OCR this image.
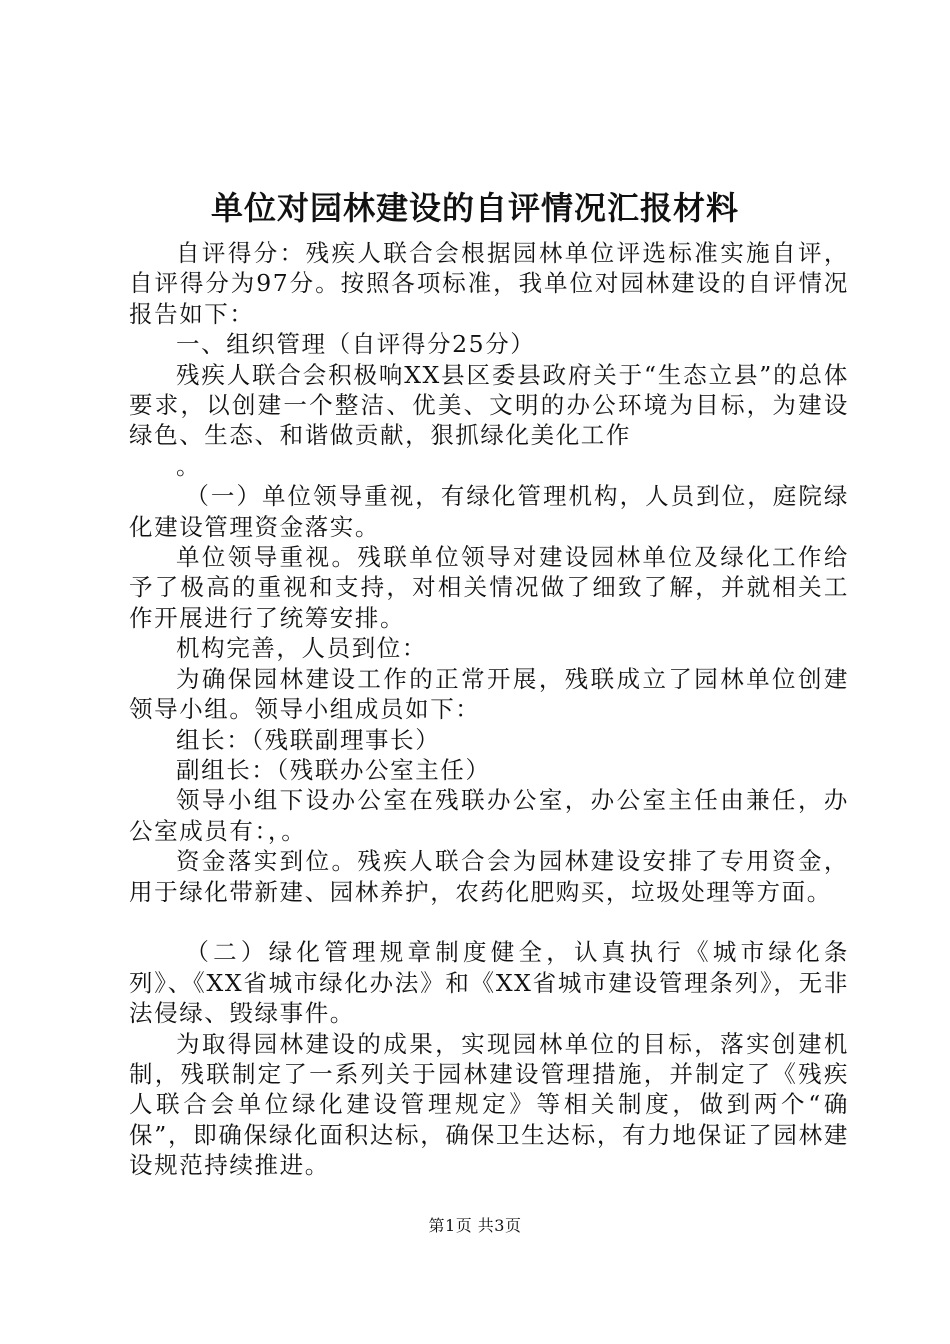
单位对园林建设的自评情况汇报材料

自评得分：残疾人联合会根据园林单位评选标准实施自评，自评得分为97分。按照各项标准，我单位对园林建设的自评情况报告如下：

一、组织管理（自评得分25分）

残疾人联合会积极响XX县区委县政府关于“生态立县”的总体要求，以创建一个整洁、优美、文明的办公环境为目标，为建设绿色、生态、和谐做贡献，狠抓绿化美化工作

。

（一）单位领导重视，有绿化管理机构，人员到位，庭院绿化建设管理资金落实。

单位领导重视。残联单位领导对建设园林单位及绿化工作给予了极高的重视和支持，对相关情况做了细致了解，并就相关工作开展进行了统筹安排。

机构完善，人员到位：

为确保园林建设工作的正常开展，残联成立了园林单位创建领导小组。领导小组成员如下：

组长：（残联副理事长）

副组长：（残联办公室主任）

领导小组下设办公室在残联办公室，办公室主任由兼任，办公室成员有：，。

资金落实到位。残疾人联合会为园林建设安排了专用资金，用于绿化带新建、园林养护，农药化肥购买，垃圾处理等方面。

（二）绿化管理规章制度健全，认真执行《城市绿化条列》、《XX省城市绿化办法》和《XX省城市建设管理条列》，无非法侵绿、毁绿事件。

为取得园林建设的成果，实现园林单位的目标，落实创建机制，残联制定了一系列关于园林建设管理措施，并制定了《残疾人联合会单位绿化建设管理规定》等相关制度，做到两个“确保”，即确保绿化面积达标，确保卫生达标，有力地保证了园林建设规范持续推进。

第1页 共3页
